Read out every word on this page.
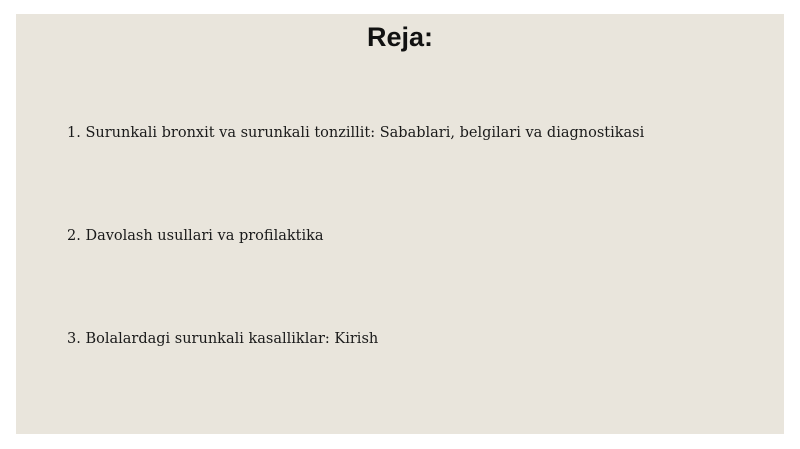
Reja:
1. Surunkali bronxit va surunkali tonzillit: Sabablari, belgilari va diagnostikasi
2. Davolash usullari va profilaktika
3. Bolalardagi surunkali kasalliklar: Kirish
